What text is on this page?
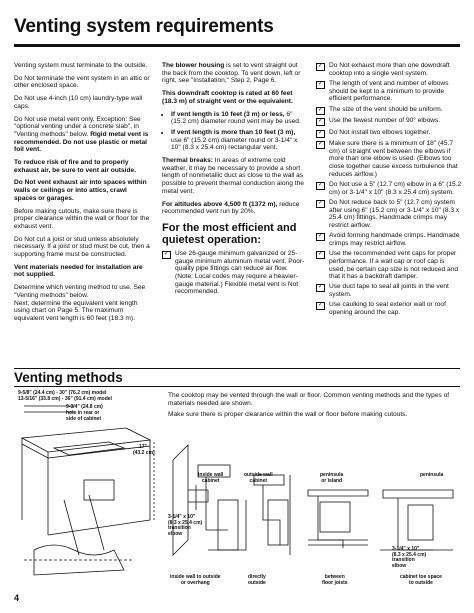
Venting system requirements

Venting system must terminate to the outside.

Do Not terminate the vent system in an attic or other enclosed space.

Do Not use 4-inch (10 cm) laundry-type wall caps.

Do Not use metal vent only. Exception: See "optional venting under a concrete slab", in "Venting methods" below. Rigid metal vent is recommended. Do not use plastic or metal foil vent.

To reduce risk of fire and to properly exhaust air, be sure to vent air outside.

Do Not vent exhaust air into spaces within walls or ceilings or into attics, crawl spaces or garages.

Before making cutouts, make sure there is proper clearance within the wall or floor for the exhaust vent.

Do Not cut a joist or stud unless absolutely necessary. If a joist or stud must be cut, then a supporting frame must be constructed.

Vent materials needed for installation are not supplied.

Determine which venting method to use. See "Venting methods" below.
Next, determine the equivalent vent length using chart on Page 5. The maximum equivalent vent length is 60 feet (18.3 m).

The blower housing is set to vent straight out the back from the cooktop. To vent down, left or right, see "Installation," Step 2, Page 6.

This downdraft cooktop is rated at 60 feet (18.3 m) of straight vent or the equivalent.

• If vent length is 10 feet (3 m) or less, 6" (15.2 cm) diameter round vent may be used.
• If vent length is more than 10 feet (3 m), use 6" (15.2 cm) diameter round or 3-1/4" x 10" (8.3 x 25.4 cm) rectangular vent.

Thermal breaks: In areas of extreme cold weather, it may be necessary to provide a short length of nonmetallic duct as close to the wall as possible to prevent thermal conduction along the metal vent.

For altitudes above 4,500 ft (1372 m), reduce recommended vent run by 20%.

For the most efficient and quietest operation:
✓ Use 26-gauge minimum galvanized or 25-gauge minimum aluminum metal vent. Poor-quality pipe fittings can reduce air flow. (Note: Local codes may require a heavier-gauge material.) Flexible metal vent is Not recommended.
✓ Do Not exhaust more than one downdraft cooktop into a single vent system.
✓ The length of vent and number of elbows should be kept to a minimum to provide efficient performance.
✓ The size of the vent should be uniform.
✓ Use the fewest number of 90° elbows.
✓ Do Not install two elbows together.
✓ Make sure there is a minimum of 18" (45.7 cm) of straight vent between the elbows if more than one elbow is used. (Elbows too close together cause excess turbulence that reduces airflow.)
✓ Do Not use a 5" (12.7 cm) elbow in a 6" (15.2 cm) or 3-1/4" x 10" (8.3 x 25.4 cm) system.
✓ Do Not reduce back to 5" (12.7 cm) system after using 6" (15.2 cm) or 3-1/4" x 10" (8.3 x 25.4 cm) fittings. Handmade crimps may restrict airflow.
✓ Avoid forming handmade crimps. Handmade crimps may restrict airflow.
✓ Use the recommended vent caps for proper performance. If a wall cap or roof cap is used, be certain cap size is not reduced and that it has a backdraft damper.
✓ Use duct tape to seal all joints in the vent system.
✓ Use caulking to seal exterior wall or roof opening around the cap.
Venting methods

The cooktop may be vented through the wall or floor. Common venting methods and the types of materials needed are shown.

Make sure there is proper clearance within the wall or floor before making cutouts.

9-5/8" (24.4 cm) - 30" (76.2 cm) model
13-5/16" (33.8 cm) - 36" (91.4 cm) model
9-3/4" (24.8 cm)
hole in rear or
side of cabinet
17"
(43.2 cm)
inside wall
cabinet
outside wall
cabinet
peninsula
or island
peninsula
3-1/4" x 10"
(8.3 x 25.4 cm)
transition
elbow
3-1/4" x 10"
(8.3 x 25.4 cm)
transition
elbow
inside wall to outside
or overhang
directly
outside
between
floor joists
cabinet toe space
to outside
4
